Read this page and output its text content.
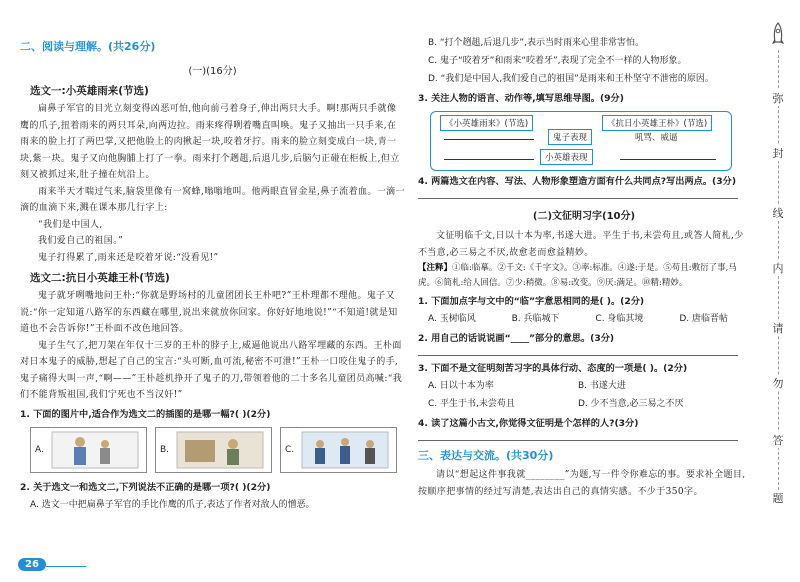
二、阅读与理解。(共26分)
(一)(16分)
选文一:小英雄雨来(节选)

扁鼻子军官的目光立刻变得凶恶可怕,他向前弓着身子,伸出两只大手。啊!那两只手就像鹰的爪子,扭着雨来的两只耳朵,向两边拉。雨来疼得咧着嘴直叫唤。鬼子又抽出一只手来,在雨来的脸上打了两巴掌,又把他脸上的肉揪起一块,咬着牙拧。雨来的脸立刻变成白一块,青一块,紫一块。鬼子又向他胸脯上打了一拳。雨来打个趔趄,后退几步,后脑勺正碰在柜板上,但立刻又被抓过来,肚子撞在炕沿上。

雨来半天才喘过气来,脑袋里像有一窝蜂,嗡嗡地叫。他两眼直冒金星,鼻子流着血。一滴一滴的血滴下来,溅在课本那几行字上:

“我们是中国人,

我们爱自己的祖国。”

鬼子打得累了,雨来还是咬着牙说:“没看见!”

选文二:抗日小英雄王朴(节选)

鬼子就牙咧嘴地问王朴:“你就是野场村的儿童团团长王朴吧?”王朴理都不理他。鬼子又说:“你一定知道八路军的东西藏在哪里,说出来就放你回家。你好好地地说!”“不知道!就是知道也不会告诉你!”王朴面不改色地回答。

鬼子生气了,把刀架在年仅十三岁的王朴的脖子上,威逼他说出八路军埋藏的东西。王朴面对日本鬼子的威胁,想起了自己的宝言:“头可断,血可流,秘密不可泄!”王朴一口咬住鬼子的手,鬼子痛得大叫一声,“啊——”王朴趁机挣开了鬼子的刀,带领着他的二十多名儿童团员高喊:“我们不能背叛祖国,我们宁死也不当汉奸!”

1. 下面的图片中,适合作为选文二的插图的是哪一幅?( )(2分)
A.	B.	C.
2. 关于选文一和选文二,下列说法不正确的是哪一项?( )(2分)
A. 选文一中把扁鼻子军官的手比作鹰的爪子,表达了作者对敌人的憎恶。
26
B. “打个趔趄,后退几步”,表示当时雨来心里非常害怕。
C. 鬼子“咬着牙”和雨来“咬着牙”,表现了完全不一样的人物形象。
D. “我们是中国人,我们爱自己的祖国”是雨来和王朴坚守不泄密的原因。
3. 关注人物的语言、动作等,填写思维导图。(9分)
《小英雄雨来》(节选)	《抗日小英雄王朴》(节选)
鬼子表现
小英雄表现
吼骂、威逼
4. 两篇选文在内容、写法、人物形象塑造方面有什么共同点?写出两点。(3分)
(二)文征明习字(10分)

文征明临千文,日以十本为率,书遂大进。平生于书,未尝苟且,或答人简札,少不当意,必三易之不厌,故愈老而愈益精妙。

【注释】①临:临摹。②千文:《千字文》。③率:标准。④遂:于是。⑤苟且:敷衍了事,马虎。⑥简札:给人回信。⑦少:稍微。⑧易:改变。⑨厌:满足。⑩精:精妙。
1. 下面加点字与文中的“临”字意思相同的是( )。(2分)
A. 玉树临风	B. 兵临城下	C. 身临其境	D. 唐临晋帖
2. 用自己的话说说画“____”部分的意思。(3分)
3. 下面不是文征明刻苦习字的具体行动、态度的一项是( )。(2分)
A. 日以十本为率	B. 书遂大进
C. 平生于书,未尝苟且	D. 少不当意,必三易之不厌
4. 读了这篇小古文,你觉得文征明是个怎样的人?(3分)
三、表达与交流。(共30分)

请以“想起这件事我就________”为题,写一件令你难忘的事。要求补全题目,按顺序把事情的经过写清楚,表达出自己的真情实感。不少于350字。

弥
封
线
内
请
勿
答
题
